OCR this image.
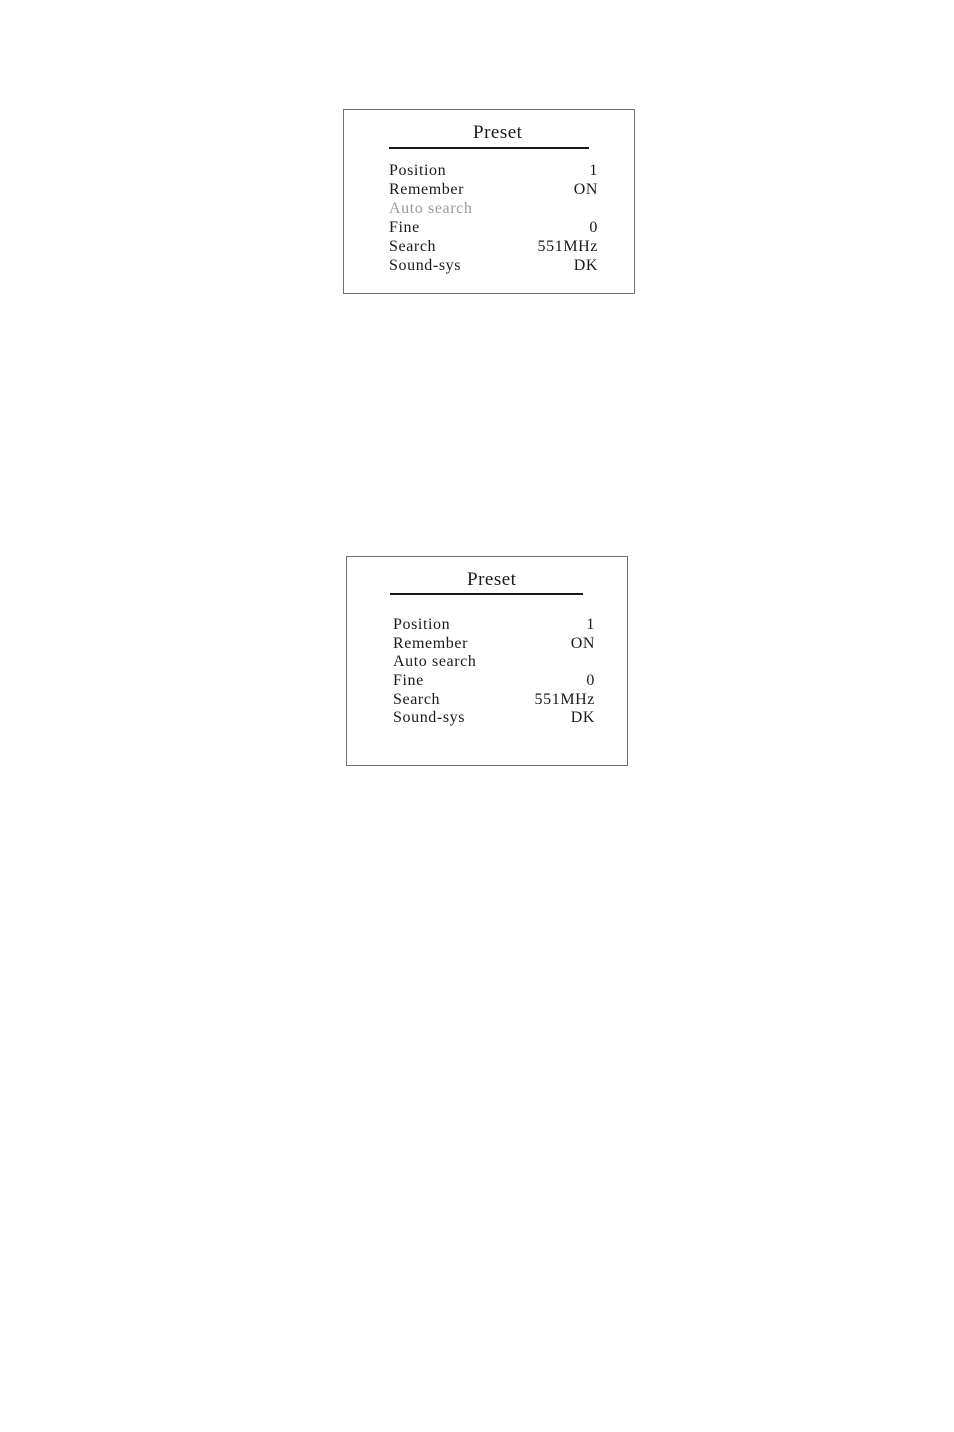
Preset
Position	1
Remember	ON
Auto search
Fine	0
Search	551MHz
Sound-sys	DK
Preset
Position	1
Remember	ON
Auto search
Fine	0
Search	551MHz
Sound-sys	DK
